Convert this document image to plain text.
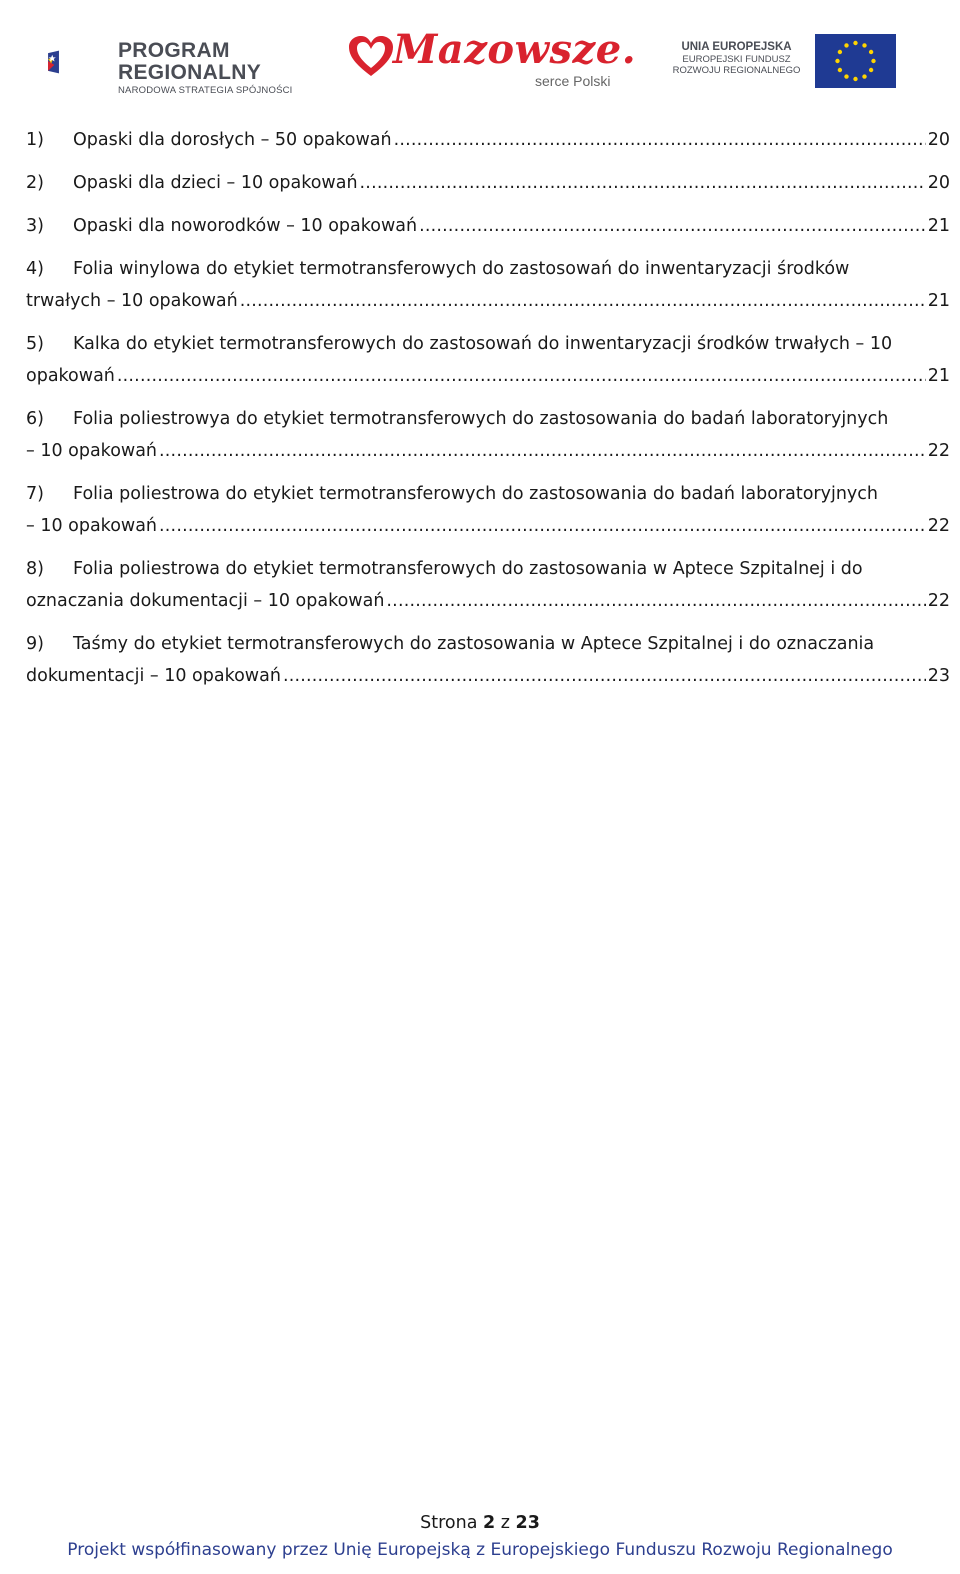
PROGRAM
REGIONALNY
NARODOWA STRATEGIA SPÓJNOŚCI
Mazowsze.
serce Polski
UNIA EUROPEJSKA
EUROPEJSKI FUNDUSZ
ROZWOJU REGIONALNEGO
1)	Opaski dla dorosłych – 50 opakowań .....	20
2)	Opaski dla dzieci – 10 opakowań .....	20
3)	Opaski dla noworodków – 10 opakowań .....	21
4) Folia winylowa do etykiet termotransferowych do zastosowań do inwentaryzacji środków
trwałych – 10 opakowań .....	21
5) Kalka do etykiet termotransferowych do zastosowań do inwentaryzacji środków trwałych – 10
opakowań .....	21
6) Folia poliestrowya do etykiet termotransferowych do zastosowania do badań laboratoryjnych
– 10 opakowań .....	22
7) Folia poliestrowa do etykiet termotransferowych do zastosowania do badań laboratoryjnych
– 10 opakowań .....	22
8) Folia poliestrowa do etykiet termotransferowych do zastosowania w Aptece Szpitalnej i do
oznaczania dokumentacji – 10 opakowań .....	22
9) Taśmy do etykiet termotransferowych do zastosowania w Aptece Szpitalnej i do oznaczania
dokumentacji – 10 opakowań .....	23
Strona 2 z 23
Projekt współfinasowany przez Unię Europejską z Europejskiego Funduszu Rozwoju Regionalnego
